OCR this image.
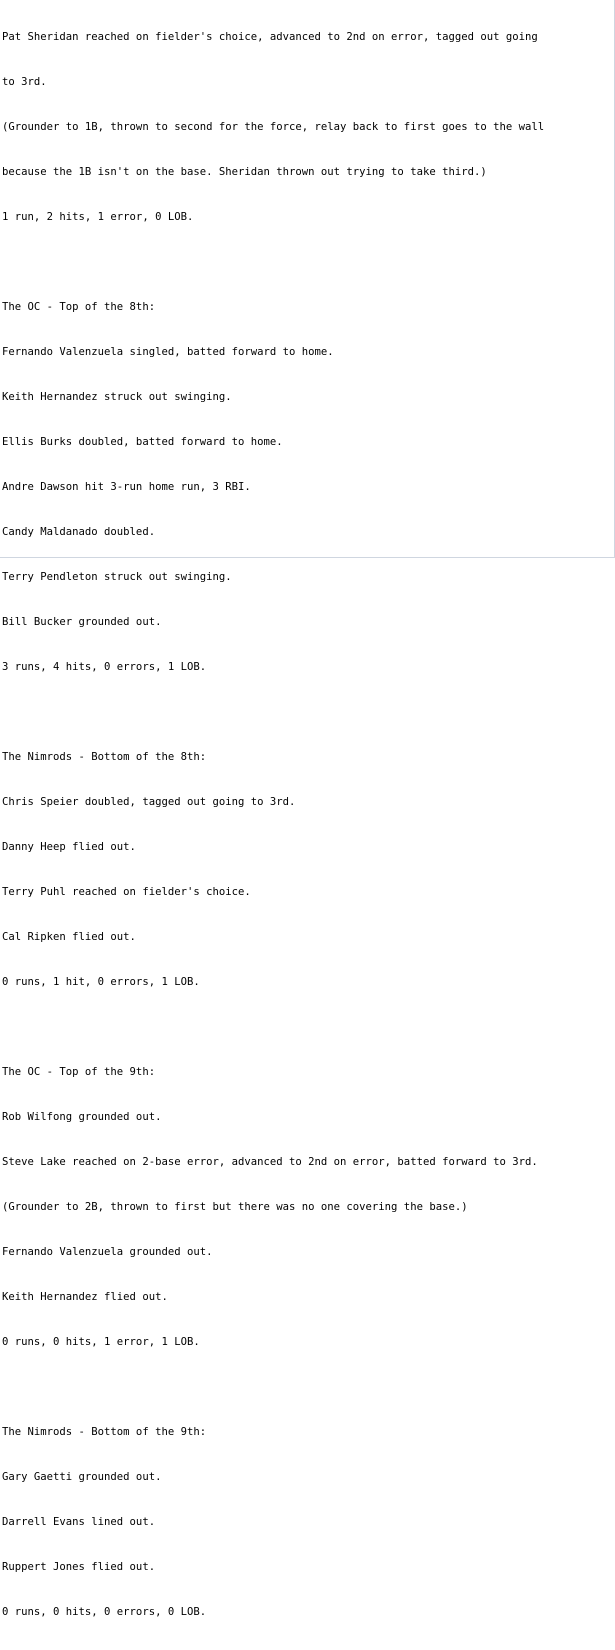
Pat Sheridan reached on fielder's choice, advanced to 2nd on error, tagged out going

to 3rd.

(Grounder to 1B, thrown to second for the force, relay back to first goes to the wall

because the 1B isn't on the base. Sheridan thrown out trying to take third.)

1 run, 2 hits, 1 error, 0 LOB.

The OC - Top of the 8th:

Fernando Valenzuela singled, batted forward to home.

Keith Hernandez struck out swinging.

Ellis Burks doubled, batted forward to home.

Andre Dawson hit 3-run home run, 3 RBI.

Candy Maldanado doubled.

Terry Pendleton struck out swinging.

Bill Bucker grounded out.

3 runs, 4 hits, 0 errors, 1 LOB.

The Nimrods - Bottom of the 8th:

Chris Speier doubled, tagged out going to 3rd.

Danny Heep flied out.

Terry Puhl reached on fielder's choice.

Cal Ripken flied out.

0 runs, 1 hit, 0 errors, 1 LOB.

The OC - Top of the 9th:

Rob Wilfong grounded out.

Steve Lake reached on 2-base error, advanced to 2nd on error, batted forward to 3rd.

(Grounder to 2B, thrown to first but there was no one covering the base.)

Fernando Valenzuela grounded out.

Keith Hernandez flied out.

0 runs, 0 hits, 1 error, 1 LOB.

The Nimrods - Bottom of the 9th:

Gary Gaetti grounded out.

Darrell Evans lined out.

Ruppert Jones flied out.

0 runs, 0 hits, 0 errors, 0 LOB.
